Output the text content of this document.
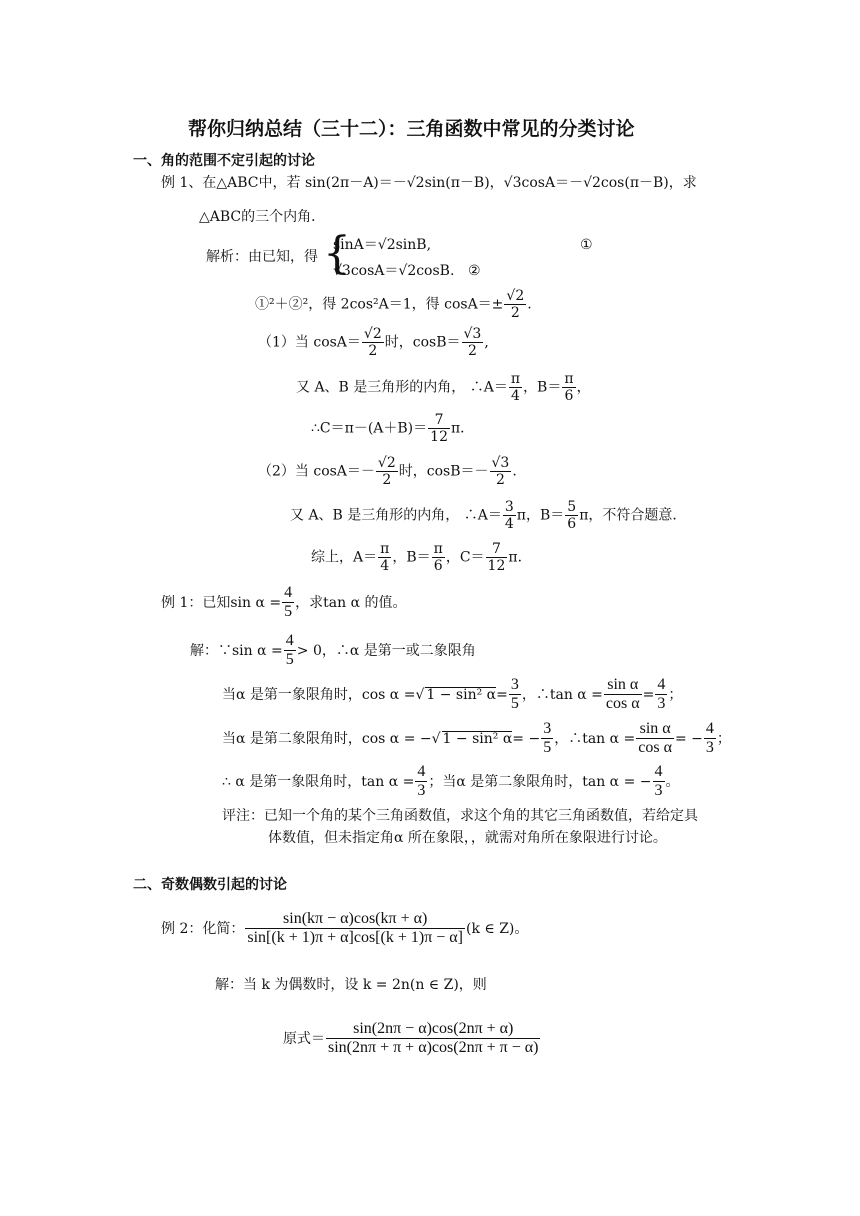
帮你归纳总结（三十二）：三角函数中常见的分类讨论
一、角的范围不定引起的讨论
例 1、在△ABC中，若 sin(2π－A)＝－√2sin(π－B)，√3cosA＝－√2cos(π－B)，求
△ABC的三个内角．
解析：由已知，得 {
sinA＝√2sinB,	①
√3cosA＝√2cosB. ②
①²＋②²，得 2cos²A＝1，得 $\cos A=\pm \frac{√2}{2}$ .
（1）当 $\cos A= \frac{√2}{2}$ 时，$\cos B= \frac{√3}{2}$ ,
又 A、B 是三角形的内角， ∴A＝ $\frac{\pi}{4}$ ，$B= \frac{\pi}{6}$ ，
∴C＝π－(A＋B)＝ $\frac{7}{12}$ π．
（2）当 $\cos A=- \frac{√2}{2}$ 时，$\cos B=- \frac{√3}{2}$ .
又 A、B 是三角形的内角， ∴A＝ $\frac{3}{4}$ π，$B= \frac{5}{6}$ π，不符合题意．
综上，$A= \frac{\pi}{4}$ ，$B= \frac{\pi}{6}$ ，$C= \frac{7}{12}$ π．
例 1：已知$\sin \alpha = \frac{4}{5}$ ，求tan α 的值。
解：∵sin $\alpha = \frac{4}{5} > 0$，∴α 是第一或二象限角
当α 是第一象限角时，cos α =√ 1 − sin² $\alpha= \frac{3}{5}$ ，∴tan $\alpha = \frac{\text{sin α}}{\text{cos α}} = \frac{4}{3}$ ；
当α 是第二象限角时，cos α = −√ 1 − sin² $\alpha= - \frac{3}{5}$ ，∴tan $\alpha = \frac{\text{sin α}}{\text{cos α}}$ = − $\frac{4}{3}$ ；
∴ α 是第一象限角时，$\tan \alpha = \frac{4}{3}$ ；当α 是第二象限角时，tan α = − $\frac{4}{3}$ 。
评注：已知一个角的某个三角函数值，求这个角的其它三角函数值，若给定具
体数值，但未指定角α 所在象限，，就需对角所在象限进行讨论。
二、奇数偶数引起的讨论
例 2：化简： $\frac{\sin(k\pi - \alpha)\cos(k\pi + \alpha)}{\sin[(k + 1)\pi + \alpha]\cos[(k + 1)\pi - \alpha]} (k$ ∈ Z)。
解：当 k 为偶数时，设 k = 2n(n ∈ Z)，则
原式＝ $\frac{\sin(2n\pi - \alpha)\cos(2n\pi + \alpha)}{\sin(2n\pi + \pi + \alpha)\cos(2n\pi + \pi - \alpha)}$
